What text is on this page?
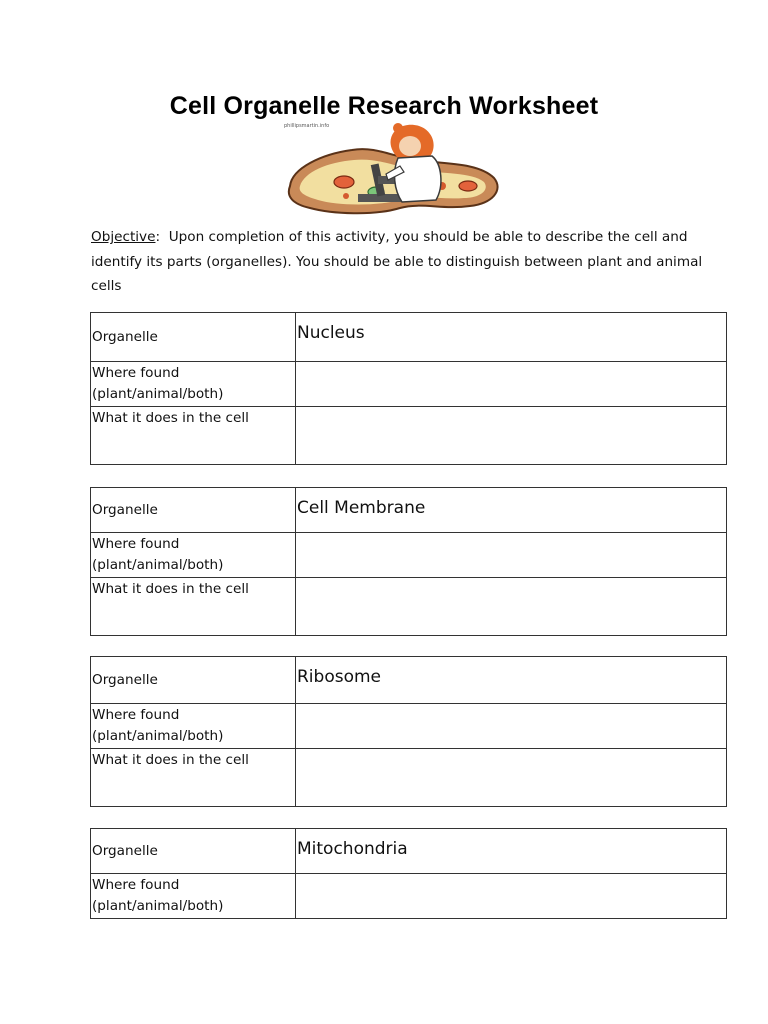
Cell Organelle Research Worksheet
phillipsmartin.info
Objective: Upon completion of this activity, you should be able to describe the cell and identify its parts (organelles). You should be able to distinguish between plant and animal cells
Organelle	Nucleus
Where found
(plant/animal/both)	
What it does in the cell	
Organelle	Cell Membrane
Where found
(plant/animal/both)	
What it does in the cell	
Organelle	Ribosome
Where found
(plant/animal/both)	
What it does in the cell	
Organelle	Mitochondria
Where found
(plant/animal/both)	
